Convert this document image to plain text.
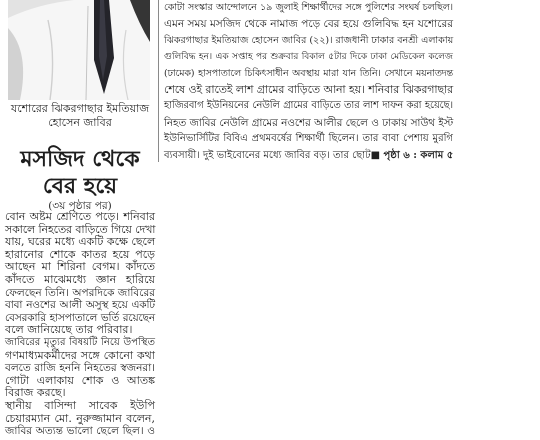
যশোরের ঝিকরগাছার ইমতিয়াজ
হোসেন জাবির
কোটা সংস্কার আন্দোলনে ১৯ জুলাই শিক্ষার্থীদের সঙ্গে পুলিশের সংঘর্ষ চলছিল।
এমন সময় মসজিদ থেকে নামাজ পড়ে বের হয়ে গুলিবিদ্ধ হন যশোরের
ঝিকরগাছার ইমতিয়াজ হোসেন জাবির (২২)। রাজধানী ঢাকার বনশ্রী এলাকায়
গুলিবিদ্ধ হন। এক সপ্তাহ পর শুক্রবার বিকাল ৫টার দিকে ঢাকা মেডিকেল কলেজ
(ঢামেক) হাসপাতালে চিকিৎসাধীন অবস্থায় মারা যান তিনি। সেখানে ময়নাতদন্ত
শেষে ওই রাতেই লাশ গ্রামের বাড়িতে আনা হয়। শনিবার ঝিকরগাছার
হাজিরবাগ ইউনিয়নের নেউলি গ্রামের বাড়িতে তার লাশ দাফন করা হয়েছে।
নিহত জাবির নেউলি গ্রামের নওশের আলীর ছেলে ও ঢাকায় সাউথ ইস্ট
ইউনিভার্সিটির বিবিএ প্রথমবর্ষের শিক্ষার্থী ছিলেন। তার বাবা পেশায় মুরগি
ব্যবসায়ী। দুই ভাইবোনের মধ্যে জাবির বড়। তার ছোট ■ পৃষ্ঠা ৬ : কলাম ৫
মসজিদ থেকে
বের হয়ে
(৩য় পৃষ্ঠার পর)
বোন অষ্টম শ্রেণিতে পড়ে। শনিবার
সকালে নিহতের বাড়িতে গিয়ে দেখা
যায়, ঘরের মধ্যে একটি কক্ষে ছেলে
হারানোর শোকে কাতর হয়ে পড়ে
আছেন মা শিরিনা বেগম। কাঁদতে
কাঁদতে মাঝেমধ্যে জ্ঞান হারিয়ে
ফেলছেন তিনি। অপরদিকে জাবিরের
বাবা নওশের আলী অসুস্থ হয়ে একটি
বেসরকারি হাসপাতালে ভর্তি রয়েছেন
বলে জানিয়েছে তার পরিবার।
জাবিরের মৃত্যুর বিষয়টি নিয়ে উপস্থিত
গণমাধ্যমকর্মীদের সঙ্গে কোনো কথা
বলতে রাজি হননি নিহতের স্বজনরা।
গোটা এলাকায় শোক ও আতঙ্ক
বিরাজ করছে।
স্থানীয় বাসিন্দা সাবেক ইউপি
চেয়ারম্যান মো. নুরুজ্জামান বলেন,
জাবির অত্যন্ত ভালো ছেলে ছিল। ও
